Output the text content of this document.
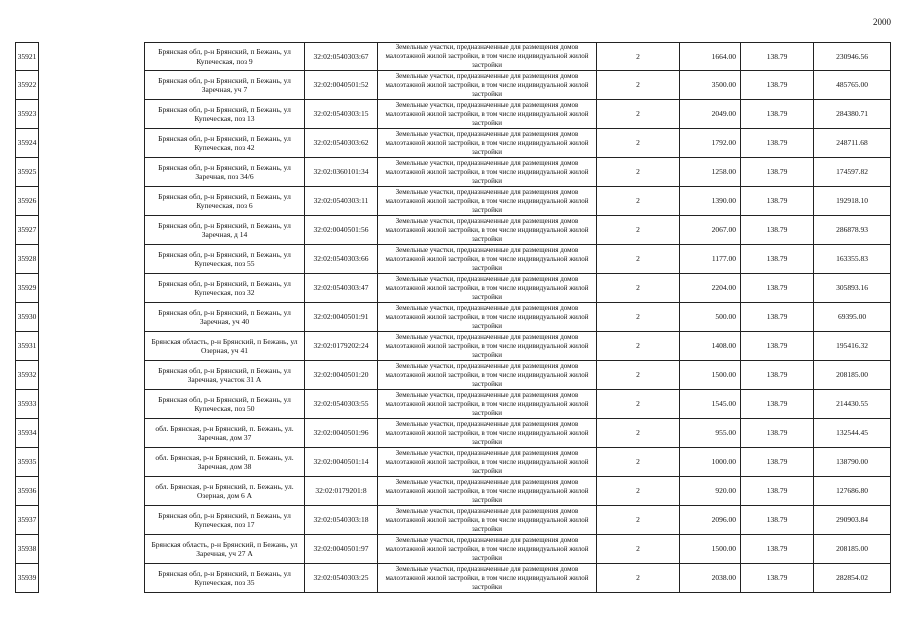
2000
35921
Брянская обл, р-н Брянский, п Бежань, ул Купеческая, поз 9
32:02:0540303:67
Земельные участки, предназначенные для размещения домов малоэтажной жилой застройки, в том числе индивидуальной жилой застройки
2	1664.00	138.79	230946.56
35922
Брянская обл, р-н Брянский, п Бежань, ул Заречная, уч 7
32:02:0040501:52
Земельные участки, предназначенные для размещения домов малоэтажной жилой застройки, в том числе индивидуальной жилой застройки
2	3500.00	138.79	485765.00
35923
Брянская обл, р-н Брянский, п Бежань, ул Купеческая, поз 13
32:02:0540303:15
Земельные участки, предназначенные для размещения домов малоэтажной жилой застройки, в том числе индивидуальной жилой застройки
2	2049.00	138.79	284380.71
35924
Брянская обл, р-н Брянский, п Бежань, ул Купеческая, поз 42
32:02:0540303:62
Земельные участки, предназначенные для размещения домов малоэтажной жилой застройки, в том числе индивидуальной жилой застройки
2	1792.00	138.79	248711.68
35925
Брянская обл, р-н Брянский, п Бежань, ул Заречная, поз 34/6
32:02:0360101:34
Земельные участки, предназначенные для размещения домов малоэтажной жилой застройки, в том числе индивидуальной жилой застройки
2	1258.00	138.79	174597.82
35926
Брянская обл, р-н Брянский, п Бежань, ул Купеческая, поз 6
32:02:0540303:11
Земельные участки, предназначенные для размещения домов малоэтажной жилой застройки, в том числе индивидуальной жилой застройки
2	1390.00	138.79	192918.10
35927
Брянская обл, р-н Брянский, п Бежань, ул Заречная, д 14
32:02:0040501:56
Земельные участки, предназначенные для размещения домов малоэтажной жилой застройки, в том числе индивидуальной жилой застройки
2	2067.00	138.79	286878.93
35928
Брянская обл, р-н Брянский, п Бежань, ул Купеческая, поз 55
32:02:0540303:66
Земельные участки, предназначенные для размещения домов малоэтажной жилой застройки, в том числе индивидуальной жилой застройки
2	1177.00	138.79	163355.83
35929
Брянская обл, р-н Брянский, п Бежань, ул Купеческая, поз 32
32:02:0540303:47
Земельные участки, предназначенные для размещения домов малоэтажной жилой застройки, в том числе индивидуальной жилой застройки
2	2204.00	138.79	305893.16
35930
Брянская обл, р-н Брянский, п Бежань, ул Заречная, уч 40
32:02:0040501:91
Земельные участки, предназначенные для размещения домов малоэтажной жилой застройки, в том числе индивидуальной жилой застройки
2	500.00	138.79	69395.00
35931
Брянская область, р-н Брянский, п Бежань, ул Озерная, уч 41
32:02:0179202:24
Земельные участки, предназначенные для размещения домов малоэтажной жилой застройки, в том числе индивидуальной жилой застройки
2	1408.00	138.79	195416.32
35932
Брянская обл, р-н Брянский, п Бежань, ул Заречная, участок 31 А
32:02:0040501:20
Земельные участки, предназначенные для размещения домов малоэтажной жилой застройки, в том числе индивидуальной жилой застройки
2	1500.00	138.79	208185.00
35933
Брянская обл, р-н Брянский, п Бежань, ул Купеческая, поз 50
32:02:0540303:55
Земельные участки, предназначенные для размещения домов малоэтажной жилой застройки, в том числе индивидуальной жилой застройки
2	1545.00	138.79	214430.55
35934
обл. Брянская, р-н Брянский, п. Бежань, ул. Заречная, дом 37
32:02:0040501:96
Земельные участки, предназначенные для размещения домов малоэтажной жилой застройки, в том числе индивидуальной жилой застройки
2	955.00	138.79	132544.45
35935
обл. Брянская, р-н Брянский, п. Бежань, ул. Заречная, дом 38
32:02:0040501:14
Земельные участки, предназначенные для размещения домов малоэтажной жилой застройки, в том числе индивидуальной жилой застройки
2	1000.00	138.79	138790.00
35936
обл. Брянская, р-н Брянский, п. Бежань, ул. Озерная, дом 6 А
32:02:0179201:8
Земельные участки, предназначенные для размещения домов малоэтажной жилой застройки, в том числе индивидуальной жилой застройки
2	920.00	138.79	127686.80
35937
Брянская обл, р-н Брянский, п Бежань, ул Купеческая, поз 17
32:02:0540303:18
Земельные участки, предназначенные для размещения домов малоэтажной жилой застройки, в том числе индивидуальной жилой застройки
2	2096.00	138.79	290903.84
35938
Брянская область, р-н Брянский, п Бежань, ул Заречная, уч 27 А
32:02:0040501:97
Земельные участки, предназначенные для размещения домов малоэтажной жилой застройки, в том числе индивидуальной жилой застройки
2	1500.00	138.79	208185.00
35939
Брянская обл, р-н Брянский, п Бежань, ул Купеческая, поз 35
32:02:0540303:25
Земельные участки, предназначенные для размещения домов малоэтажной жилой застройки, в том числе индивидуальной жилой застройки
2	2038.00	138.79	282854.02
